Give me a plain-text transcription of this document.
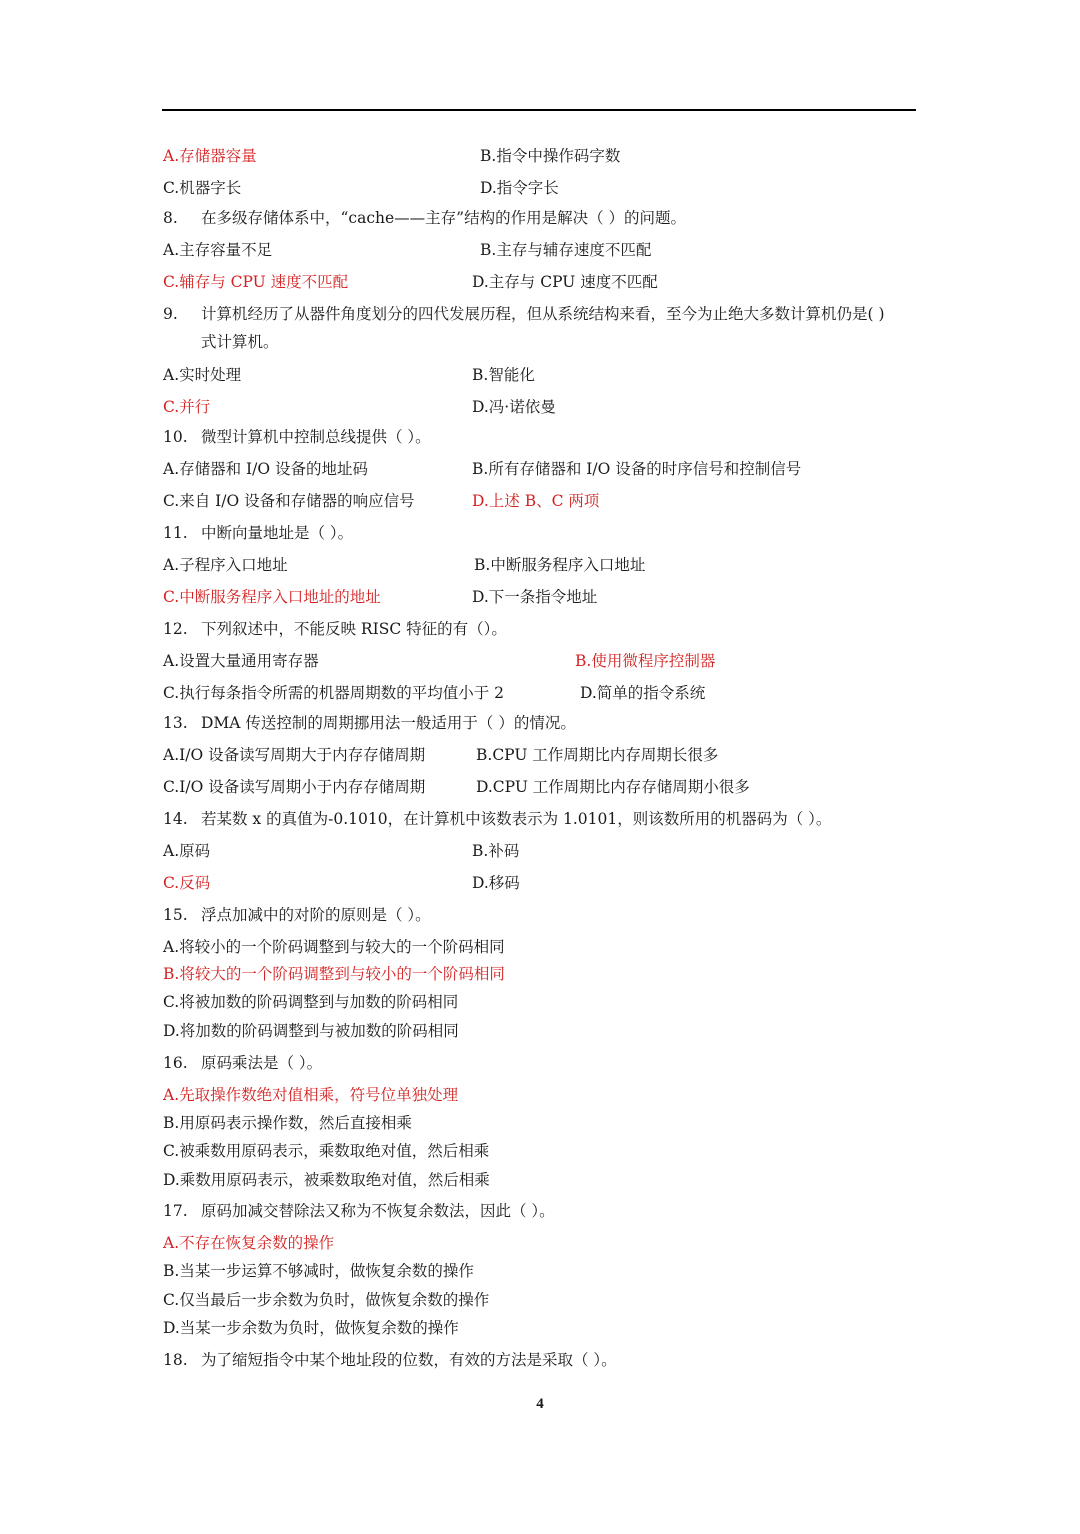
A.存储器容量	B.指令中操作码字数
C.机器字长	D.指令字长
8. 在多级存储体系中，“cache——主存”结构的作用是解决（ ）的问题。
A.主存容量不足	B.主存与辅存速度不匹配
C.辅存与 CPU 速度不匹配	D.主存与 CPU 速度不匹配
9. 计算机经历了从器件角度划分的四代发展历程，但从系统结构来看，至今为止绝大多数计算机仍是( )
式计算机。
A.实时处理	B.智能化
C.并行	D.冯·诺依曼
10. 微型计算机中控制总线提供（ ）。
A.存储器和 I/O 设备的地址码	B.所有存储器和 I/O 设备的时序信号和控制信号
C.来自 I/O 设备和存储器的响应信号	D.上述 B、C 两项
11. 中断向量地址是（ ）。
A.子程序入口地址	B.中断服务程序入口地址
C.中断服务程序入口地址的地址	D.下一条指令地址
12. 下列叙述中，不能反映 RISC 特征的有（）。
A.设置大量通用寄存器	B.使用微程序控制器
C.执行每条指令所需的机器周期数的平均值小于 2	D.简单的指令系统
13. DMA 传送控制的周期挪用法一般适用于（ ）的情况。
A.I/O 设备读写周期大于内存存储周期	B.CPU 工作周期比内存周期长很多
C.I/O 设备读写周期小于内存存储周期	D.CPU 工作周期比内存存储周期小很多
14. 若某数 x 的真值为-0.1010，在计算机中该数表示为 1.0101，则该数所用的机器码为（ ）。
A.原码	B.补码
C.反码	D.移码
15. 浮点加减中的对阶的原则是（ ）。
A.将较小的一个阶码调整到与较大的一个阶码相同
B.将较大的一个阶码调整到与较小的一个阶码相同
C.将被加数的阶码调整到与加数的阶码相同
D.将加数的阶码调整到与被加数的阶码相同
16. 原码乘法是（ ）。
A.先取操作数绝对值相乘，符号位单独处理
B.用原码表示操作数，然后直接相乘
C.被乘数用原码表示，乘数取绝对值，然后相乘
D.乘数用原码表示，被乘数取绝对值，然后相乘
17. 原码加减交替除法又称为不恢复余数法，因此（ ）。
A.不存在恢复余数的操作
B.当某一步运算不够减时，做恢复余数的操作
C.仅当最后一步余数为负时，做恢复余数的操作
D.当某一步余数为负时，做恢复余数的操作
18. 为了缩短指令中某个地址段的位数，有效的方法是采取（ ）。
4
